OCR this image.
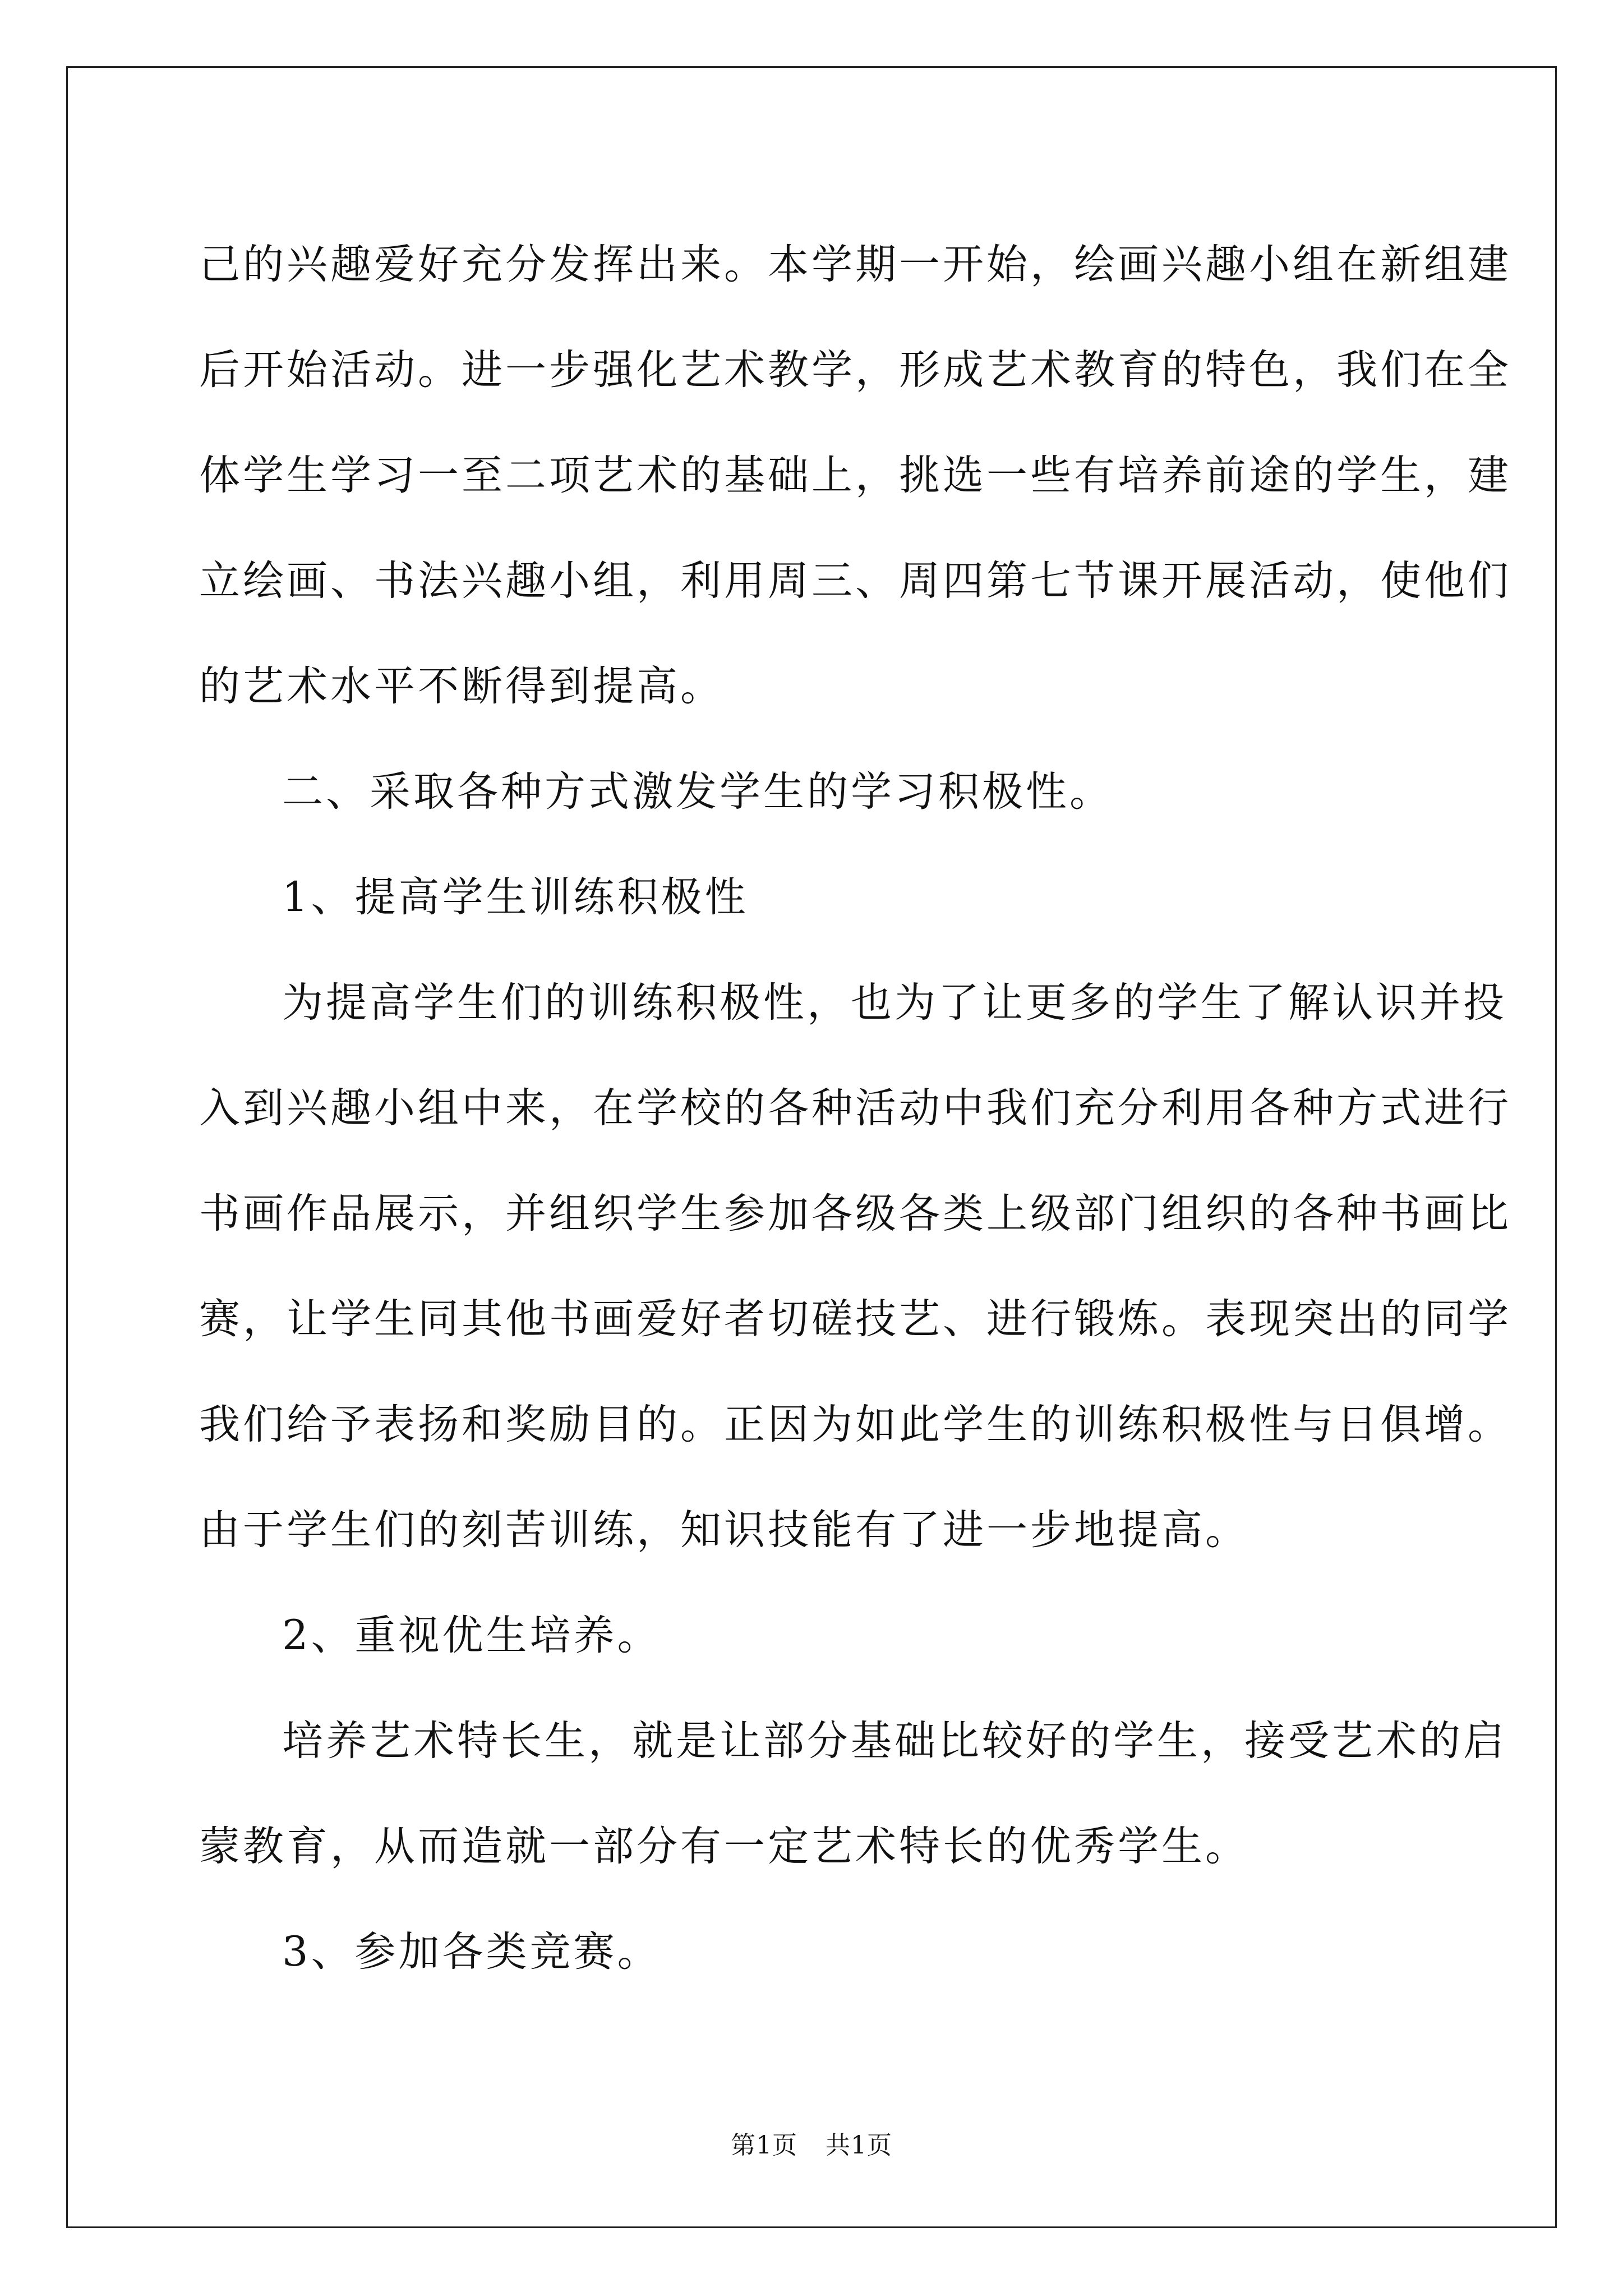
己的兴趣爱好充分发挥出来。本学期一开始，绘画兴趣小组在新组建
后开始活动。进一步强化艺术教学，形成艺术教育的特色，我们在全
体学生学习一至二项艺术的基础上，挑选一些有培养前途的学生，建
立绘画、书法兴趣小组，利用周三、周四第七节课开展活动，使他们
的艺术水平不断得到提高。
二、采取各种方式激发学生的学习积极性。
1、提高学生训练积极性
为提高学生们的训练积极性，也为了让更多的学生了解认识并投
入到兴趣小组中来，在学校的各种活动中我们充分利用各种方式进行
书画作品展示，并组织学生参加各级各类上级部门组织的各种书画比
赛，让学生同其他书画爱好者切磋技艺、进行锻炼。表现突出的同学
我们给予表扬和奖励目的。正因为如此学生的训练积极性与日俱增。
由于学生们的刻苦训练，知识技能有了进一步地提高。
2、重视优生培养。
培养艺术特长生，就是让部分基础比较好的学生，接受艺术的启
蒙教育，从而造就一部分有一定艺术特长的优秀学生。
3、参加各类竞赛。
第1页 共1页
